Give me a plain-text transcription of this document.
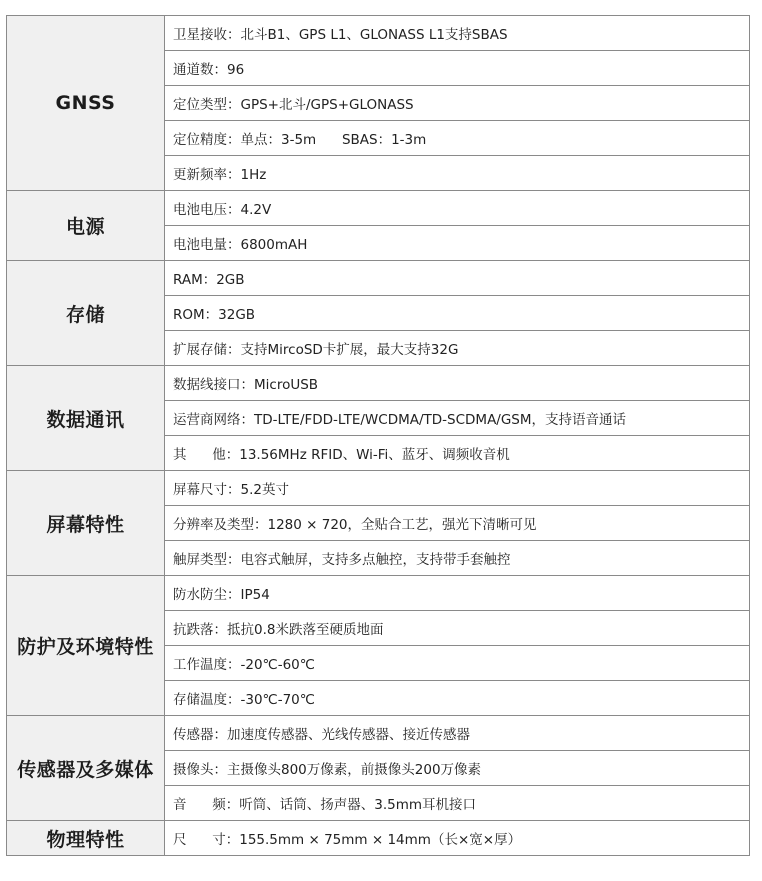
GNSS	卫星接收：北斗B1、GPS L1、GLONASS L1支持SBAS
	通道数：96
	定位类型：GPS+北斗/GPS+GLONASS
	定位精度：单点：3-5m      SBAS：1-3m
	更新频率：1Hz
电源	电池电压：4.2V
	电池电量：6800mAH
存储	RAM：2GB
	ROM：32GB
	扩展存储：支持MircoSD卡扩展，最大支持32G
数据通讯	数据线接口：MicroUSB
	运营商网络：TD-LTE/FDD-LTE/WCDMA/TD-SCDMA/GSM，支持语音通话
	其      他：13.56MHz RFID、Wi-Fi、蓝牙、调频收音机
屏幕特性	屏幕尺寸：5.2英寸
	分辨率及类型：1280 × 720，全贴合工艺，强光下清晰可见
	触屏类型：电容式触屏，支持多点触控，支持带手套触控
防护及环境特性	防水防尘：IP54
	抗跌落：抵抗0.8米跌落至硬质地面
	工作温度：-20℃-60℃
	存储温度：-30℃-70℃
传感器及多媒体	传感器：加速度传感器、光线传感器、接近传感器
	摄像头：主摄像头800万像素，前摄像头200万像素
	音      频：听筒、话筒、扬声器、3.5mm耳机接口
物理特性	尺      寸：155.5mm × 75mm × 14mm（长×宽×厚）
